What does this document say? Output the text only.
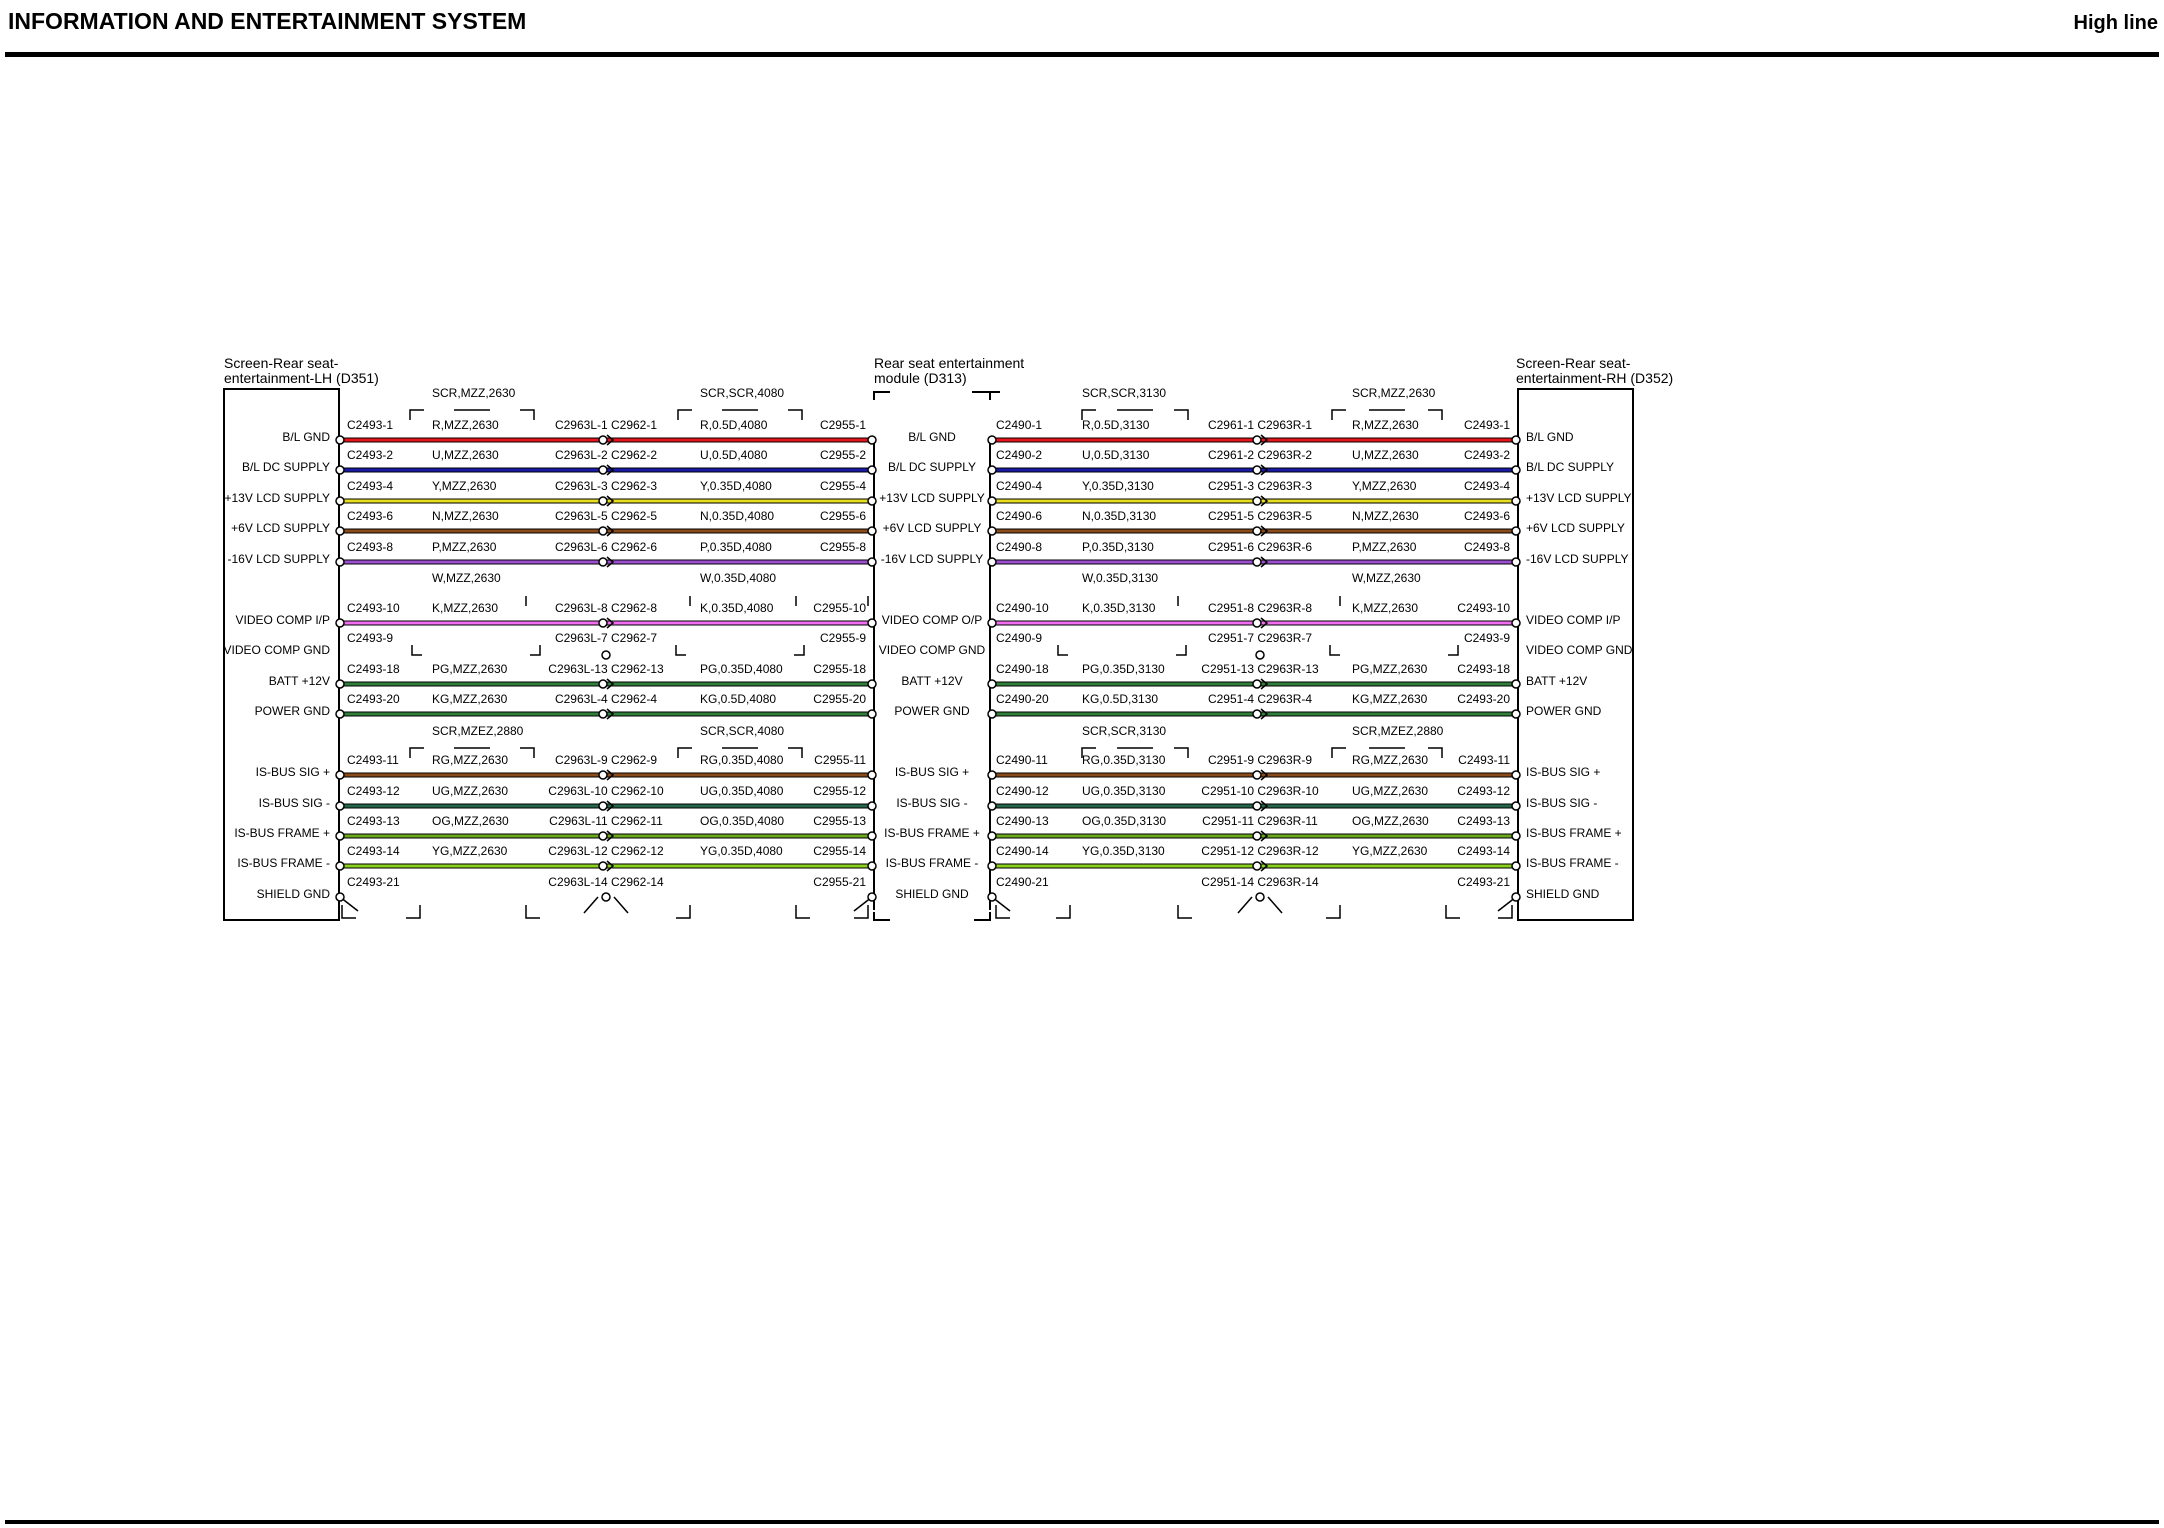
INFORMATION AND ENTERTAINMENT SYSTEM	High line
Screen-Rear seat-
entertainment-LH (D351)
Rear seat entertainment
module (D313)
Screen-Rear seat-
entertainment-RH (D352)
SCR,MZZ,2630	SCR,SCR,4080	SCR,SCR,3130	SCR,MZZ,2630
W,MZZ,2630	W,0.35D,4080	W,0.35D,3130	W,MZZ,2630
SCR,MZEZ,2880	SCR,SCR,4080	SCR,SCR,3130	SCR,MZEZ,2880
B/L GND	B/L GND	B/L GND
C2493-1	C2963L-1 C2962-1	C2955-1	C2490-1	C2961-1 C2963R-1	C2493-1
R,MZZ,2630	R,0.5D,4080	R,0.5D,3130	R,MZZ,2630
B/L DC SUPPLY	B/L DC SUPPLY	B/L DC SUPPLY
C2493-2	C2963L-2 C2962-2	C2955-2	C2490-2	C2961-2 C2963R-2	C2493-2
U,MZZ,2630	U,0.5D,4080	U,0.5D,3130	U,MZZ,2630
+13V LCD SUPPLY	+13V LCD SUPPLY	+13V LCD SUPPLY
C2493-4	C2963L-3 C2962-3	C2955-4	C2490-4	C2951-3 C2963R-3	C2493-4
Y,MZZ,2630	Y,0.35D,4080	Y,0.35D,3130	Y,MZZ,2630
+6V LCD SUPPLY	+6V LCD SUPPLY	+6V LCD SUPPLY
C2493-6	C2963L-5 C2962-5	C2955-6	C2490-6	C2951-5 C2963R-5	C2493-6
N,MZZ,2630	N,0.35D,4080	N,0.35D,3130	N,MZZ,2630
-16V LCD SUPPLY	-16V LCD SUPPLY	-16V LCD SUPPLY
C2493-8	C2963L-6 C2962-6	C2955-8	C2490-8	C2951-6 C2963R-6	C2493-8
P,MZZ,2630	P,0.35D,4080	P,0.35D,3130	P,MZZ,2630
VIDEO COMP I/P	VIDEO COMP O/P	VIDEO COMP I/P
C2493-10	C2963L-8 C2962-8	C2955-10	C2490-10	C2951-8 C2963R-8	C2493-10
K,MZZ,2630	K,0.35D,4080	K,0.35D,3130	K,MZZ,2630
VIDEO COMP GND	VIDEO COMP GND	VIDEO COMP GND
C2493-9	C2963L-7 C2962-7	C2955-9	C2490-9	C2951-7 C2963R-7	C2493-9
BATT +12V	BATT +12V	BATT +12V
C2493-18	C2963L-13 C2962-13	C2955-18	C2490-18	C2951-13 C2963R-13	C2493-18
PG,MZZ,2630	PG,0.35D,4080	PG,0.35D,3130	PG,MZZ,2630
POWER GND	POWER GND	POWER GND
C2493-20	C2963L-4 C2962-4	C2955-20	C2490-20	C2951-4 C2963R-4	C2493-20
KG,MZZ,2630	KG,0.5D,4080	KG,0.5D,3130	KG,MZZ,2630
IS-BUS SIG +	IS-BUS SIG +	IS-BUS SIG +
C2493-11	C2963L-9 C2962-9	C2955-11	C2490-11	C2951-9 C2963R-9	C2493-11
RG,MZZ,2630	RG,0.35D,4080	RG,0.35D,3130	RG,MZZ,2630
IS-BUS SIG -	IS-BUS SIG -	IS-BUS SIG -
C2493-12	C2963L-10 C2962-10	C2955-12	C2490-12	C2951-10 C2963R-10	C2493-12
UG,MZZ,2630	UG,0.35D,4080	UG,0.35D,3130	UG,MZZ,2630
IS-BUS FRAME +	IS-BUS FRAME +	IS-BUS FRAME +
C2493-13	C2963L-11 C2962-11	C2955-13	C2490-13	C2951-11 C2963R-11	C2493-13
OG,MZZ,2630	OG,0.35D,4080	OG,0.35D,3130	OG,MZZ,2630
IS-BUS FRAME -	IS-BUS FRAME -	IS-BUS FRAME -
C2493-14	C2963L-12 C2962-12	C2955-14	C2490-14	C2951-12 C2963R-12	C2493-14
YG,MZZ,2630	YG,0.35D,4080	YG,0.35D,3130	YG,MZZ,2630
SHIELD GND	SHIELD GND	SHIELD GND
C2493-21	C2963L-14 C2962-14	C2955-21	C2490-21	C2951-14 C2963R-14	C2493-21
